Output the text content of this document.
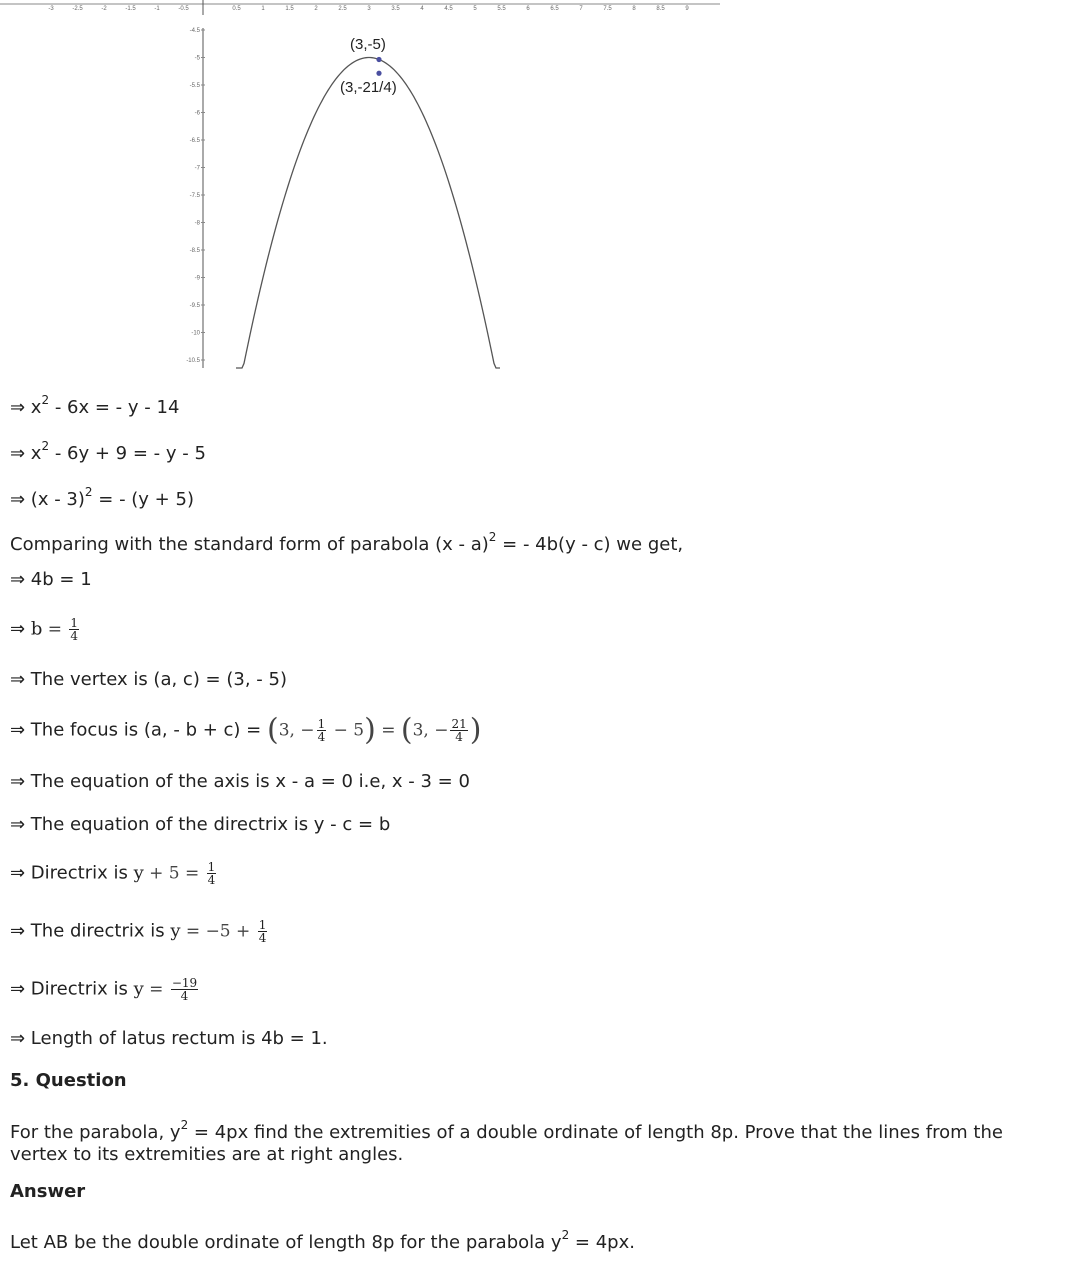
-3	-2.5	-2	-1.5	-1	-0.5	0.5	1	1.5	2	2.5	3	3.5	4	4.5	5	5.5	6	6.5	7	7.5	8	8.5	9
-4.5
-5
-5.5
-6
-6.5
-7
-7.5
-8
-8.5
-9
-9.5
-10
-10.5
(3,-5)
(3,-21/4)
⇒ $x^2 - 6x$ = - y - 14
⇒ $x^2 - 6y + 9$ = - y - 5
⇒ (x - 3)$^2$ = - (y + 5)
Comparing with the standard form of parabola (x - a)$^2$ = - 4b(y - c) we get,
⇒ 4b = 1
⇒ $b = \frac{1}{4}$
⇒ The vertex is (a, c) = (3, - 5)
⇒ The focus is (a, - b + c) = (3, − $\frac{1}{4} - 5) = (3$, − $\frac{21}{4}$ )
⇒ The equation of the axis is x - a = 0 i.e, x - 3 = 0
⇒ The equation of the directrix is y - c = b
⇒ Directrix is $y + 5 = \frac{1}{4}$
⇒ The directrix is $y = -5 + \frac{1}{4}$
⇒ Directrix is $y = \frac{-19}{4}$
⇒ Length of latus rectum is 4b = 1.
5. Question
For the parabola, $y^2 = 4px$ find the extremities of a double ordinate of length 8p. Prove that the lines from the vertex to its extremities are at right angles.
Answer
Let AB be the double ordinate of length 8p for the parabola $y^2 = 4px$.
